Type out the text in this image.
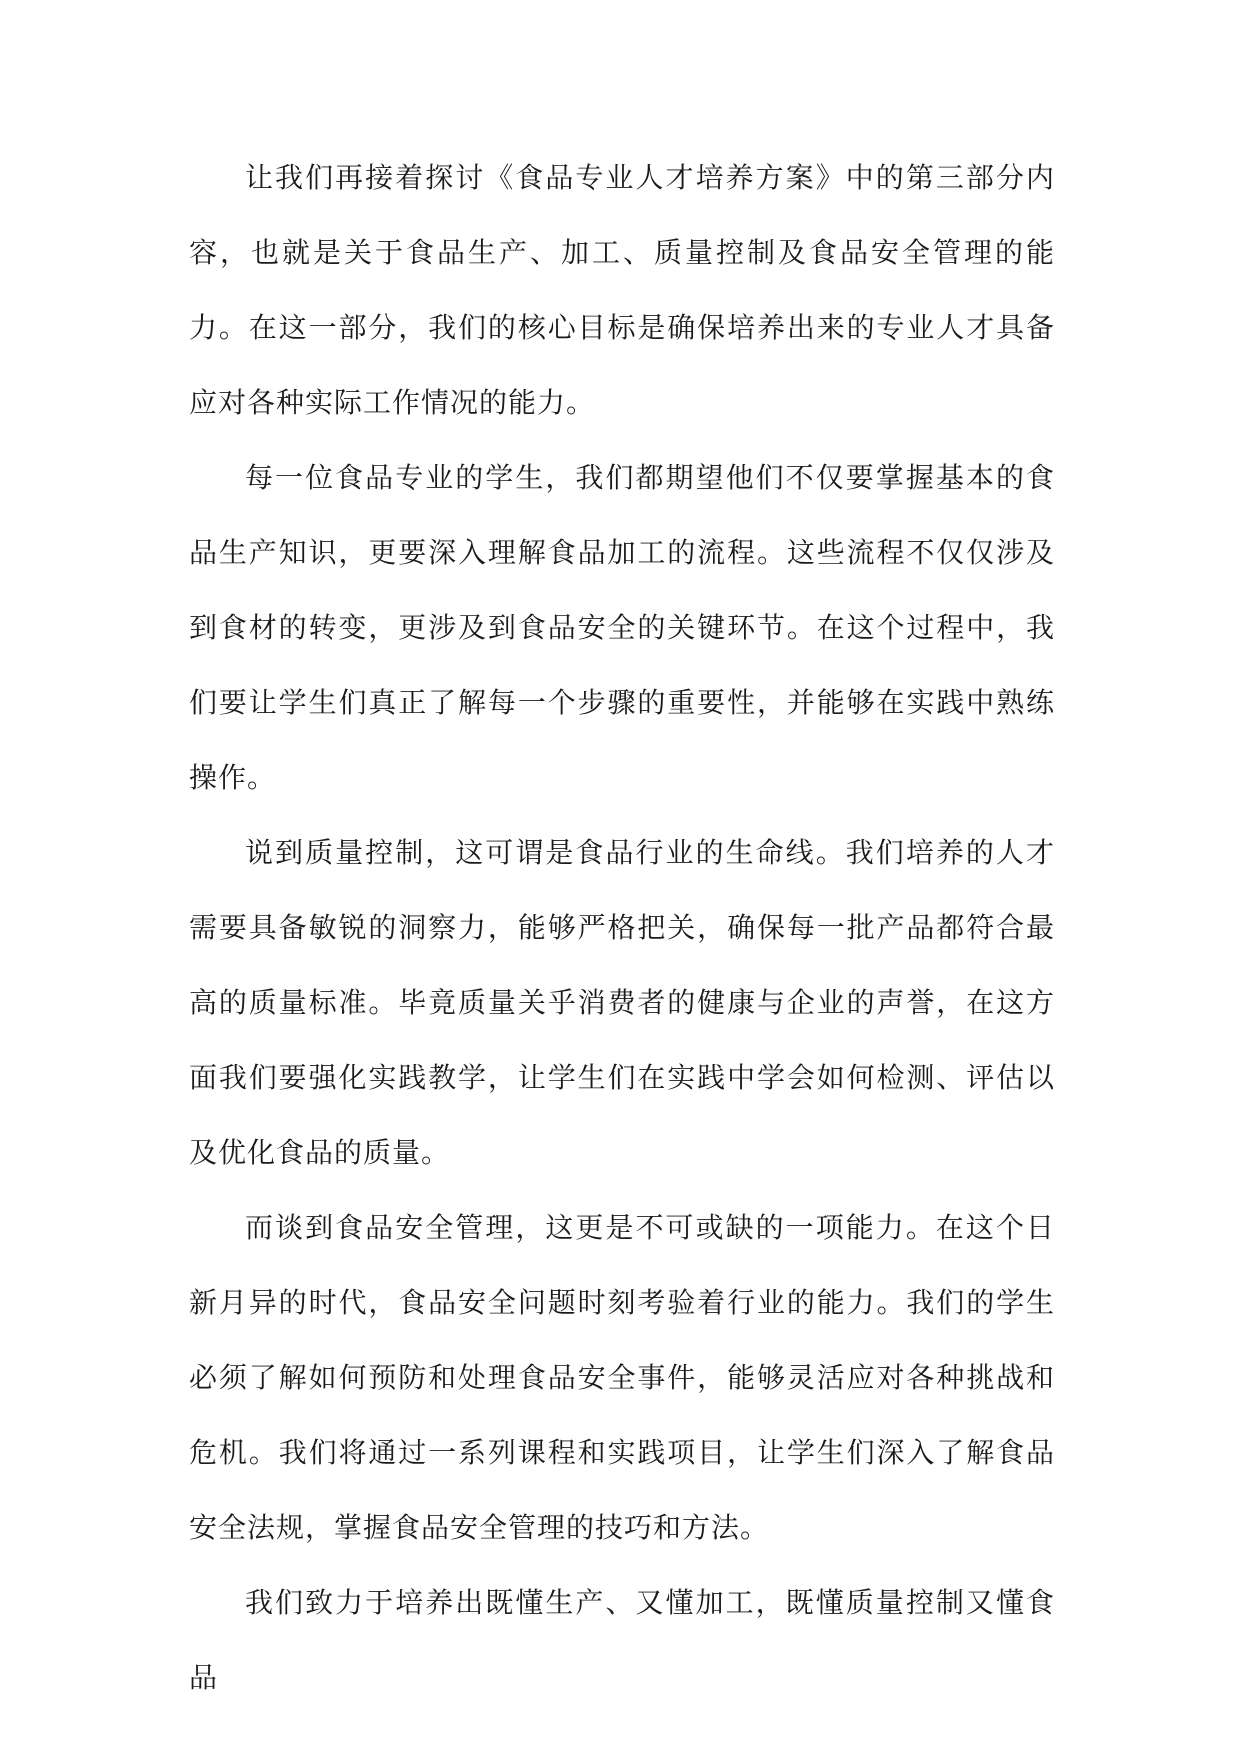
让我们再接着探讨《食品专业人才培养方案》中的第三部分内容，也就是关于食品生产、加工、质量控制及食品安全管理的能力。在这一部分，我们的核心目标是确保培养出来的专业人才具备应对各种实际工作情况的能力。

每一位食品专业的学生，我们都期望他们不仅要掌握基本的食品生产知识，更要深入理解食品加工的流程。这些流程不仅仅涉及到食材的转变，更涉及到食品安全的关键环节。在这个过程中，我们要让学生们真正了解每一个步骤的重要性，并能够在实践中熟练操作。

说到质量控制，这可谓是食品行业的生命线。我们培养的人才需要具备敏锐的洞察力，能够严格把关，确保每一批产品都符合最高的质量标准。毕竟质量关乎消费者的健康与企业的声誉，在这方面我们要强化实践教学，让学生们在实践中学会如何检测、评估以及优化食品的质量。

而谈到食品安全管理，这更是不可或缺的一项能力。在这个日新月异的时代，食品安全问题时刻考验着行业的能力。我们的学生必须了解如何预防和处理食品安全事件，能够灵活应对各种挑战和危机。我们将通过一系列课程和实践项目，让学生们深入了解食品安全法规，掌握食品安全管理的技巧和方法。

我们致力于培养出既懂生产、又懂加工，既懂质量控制又懂食品
